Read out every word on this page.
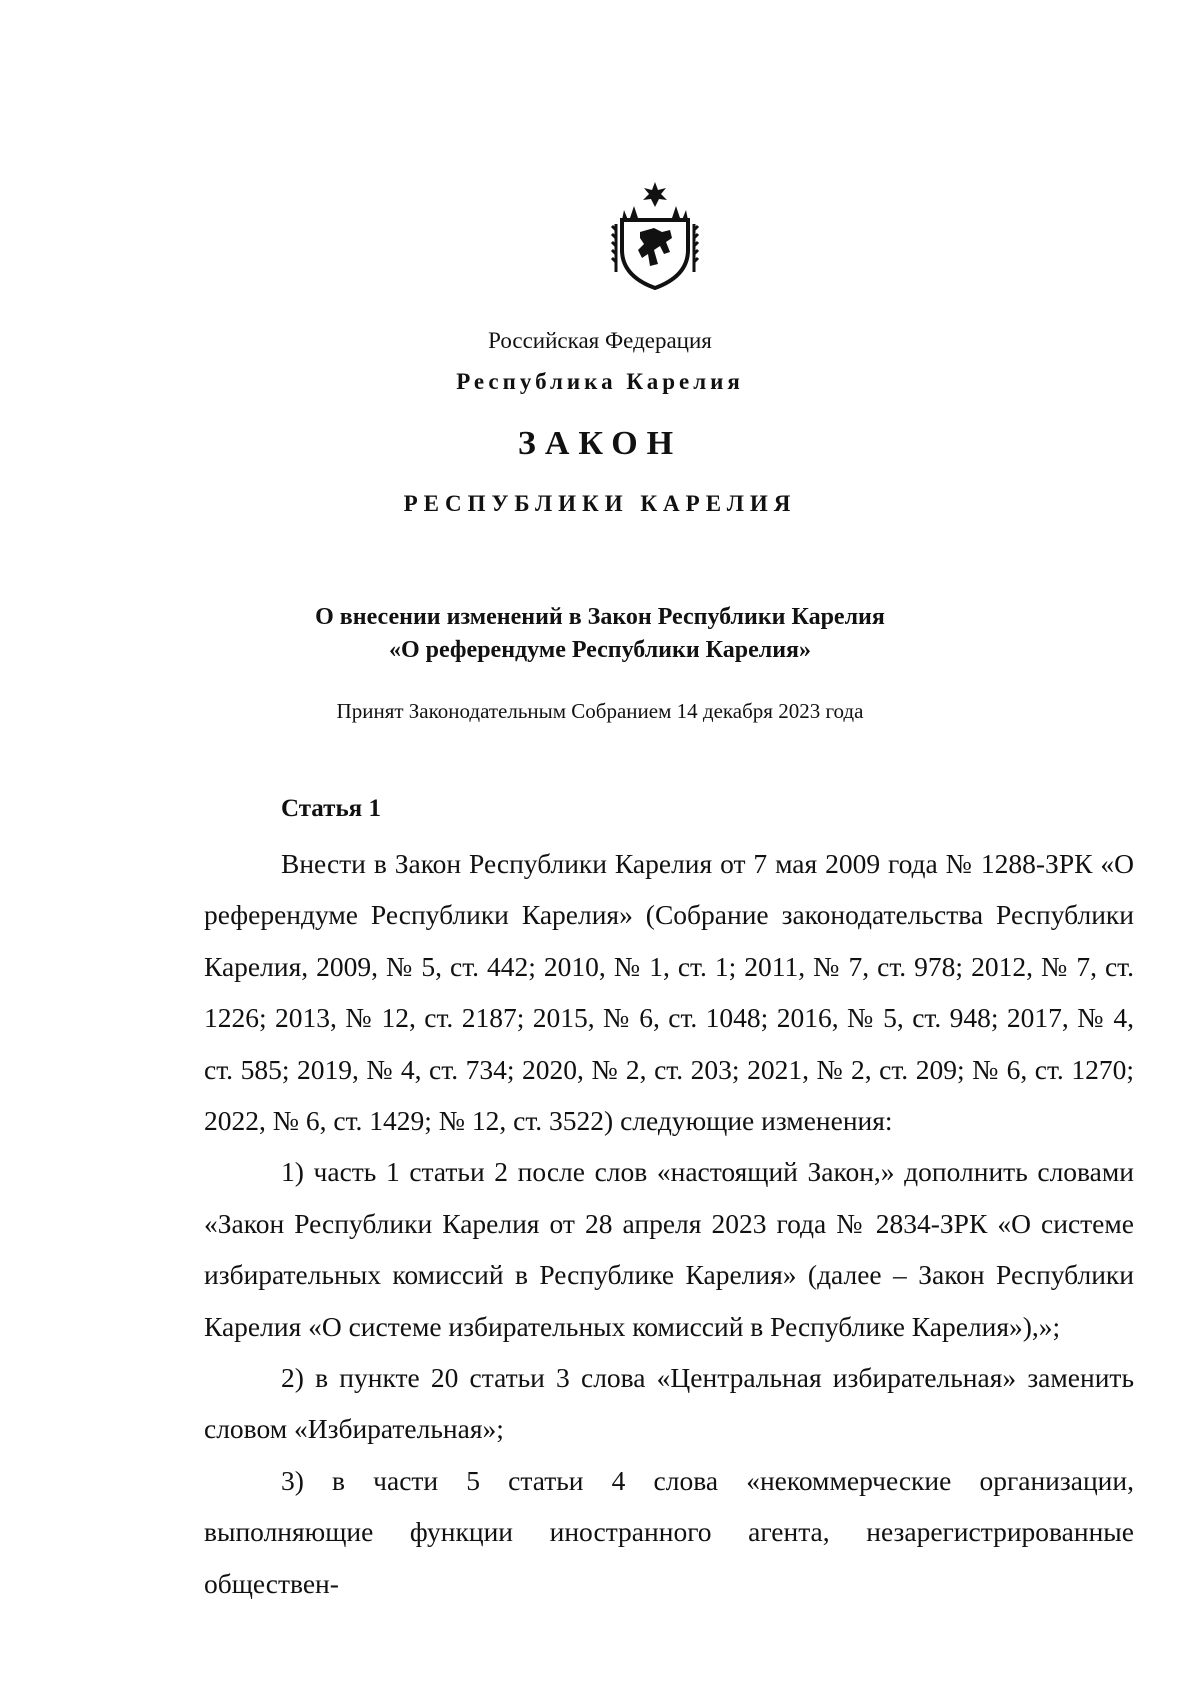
Российская Федерация
Республика Карелия
ЗАКОН
РЕСПУБЛИКИ КАРЕЛИЯ
О внесении изменений в Закон Республики Карелия
«О референдуме Республики Карелия»
Принят Законодательным Собранием 14 декабря 2023 года
Статья 1

Внести в Закон Республики Карелия от 7 мая 2009 года № 1288-ЗРК «О референдуме Республики Карелия» (Собрание законодательства Республики Карелия, 2009, № 5, ст. 442; 2010, № 1, ст. 1; 2011, № 7, ст. 978; 2012, № 7, ст. 1226; 2013, № 12, ст. 2187; 2015, № 6, ст. 1048; 2016, № 5, ст. 948; 2017, № 4, ст. 585; 2019, № 4, ст. 734; 2020, № 2, ст. 203; 2021, № 2, ст. 209; № 6, ст. 1270; 2022, № 6, ст. 1429; № 12, ст. 3522) следующие изменения:

1) часть 1 статьи 2 после слов «настоящий Закон,» дополнить словами «Закон Республики Карелия от 28 апреля 2023 года № 2834-ЗРК «О системе избирательных комиссий в Республике Карелия» (далее – Закон Республики Карелия «О системе избирательных комиссий в Республике Карелия»),»;

2) в пункте 20 статьи 3 слова «Центральная избирательная» заменить словом «Избирательная»;

3) в части 5 статьи 4 слова «некоммерческие организации, выполняющие функции иностранного агента, незарегистрированные обществен-
